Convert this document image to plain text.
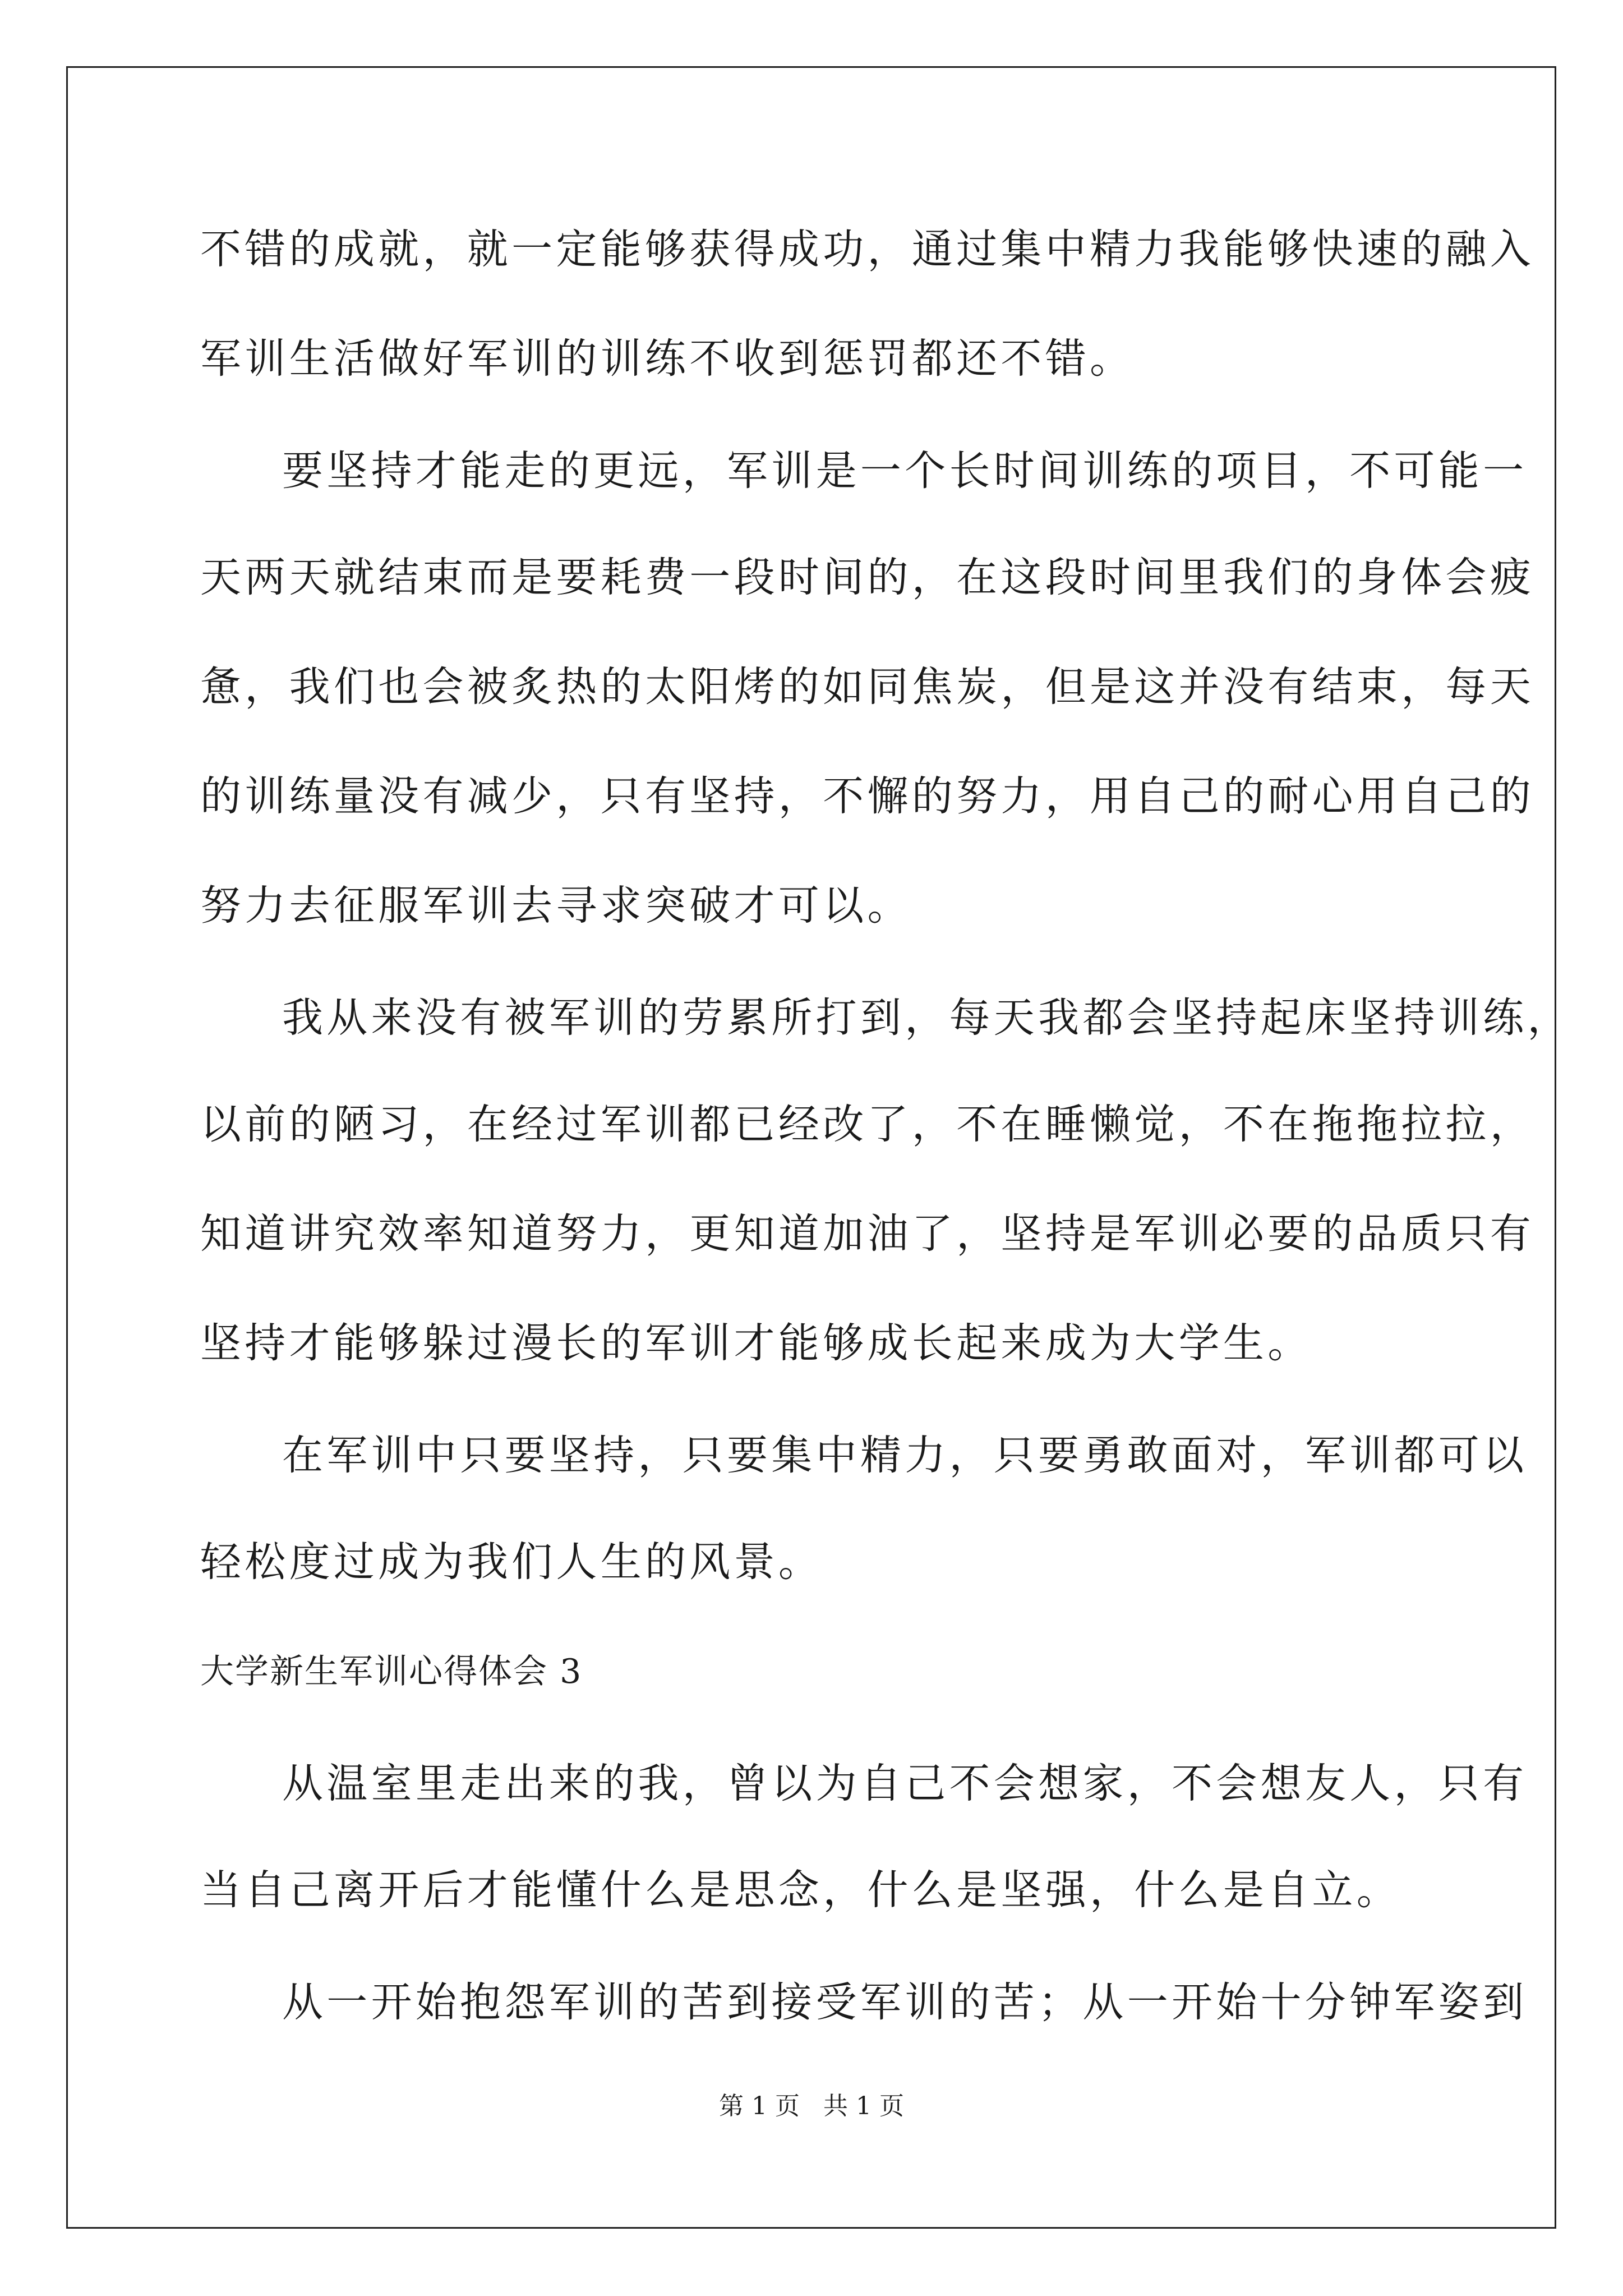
不错的成就，就一定能够获得成功，通过集中精力我能够快速的融入
军训生活做好军训的训练不收到惩罚都还不错。
要坚持才能走的更远，军训是一个长时间训练的项目，不可能一
天两天就结束而是要耗费一段时间的，在这段时间里我们的身体会疲
惫，我们也会被炙热的太阳烤的如同焦炭，但是这并没有结束，每天
的训练量没有减少，只有坚持，不懈的努力，用自己的耐心用自己的
努力去征服军训去寻求突破才可以。
我从来没有被军训的劳累所打到，每天我都会坚持起床坚持训练，
以前的陋习，在经过军训都已经改了，不在睡懒觉，不在拖拖拉拉，
知道讲究效率知道努力，更知道加油了，坚持是军训必要的品质只有
坚持才能够躲过漫长的军训才能够成长起来成为大学生。
在军训中只要坚持，只要集中精力，只要勇敢面对，军训都可以
轻松度过成为我们人生的风景。
大学新生军训心得体会 3
从温室里走出来的我，曾以为自己不会想家，不会想友人，只有
当自己离开后才能懂什么是思念，什么是坚强，什么是自立。
从一开始抱怨军训的苦到接受军训的苦；从一开始十分钟军姿到
第 1 页   共 1 页
